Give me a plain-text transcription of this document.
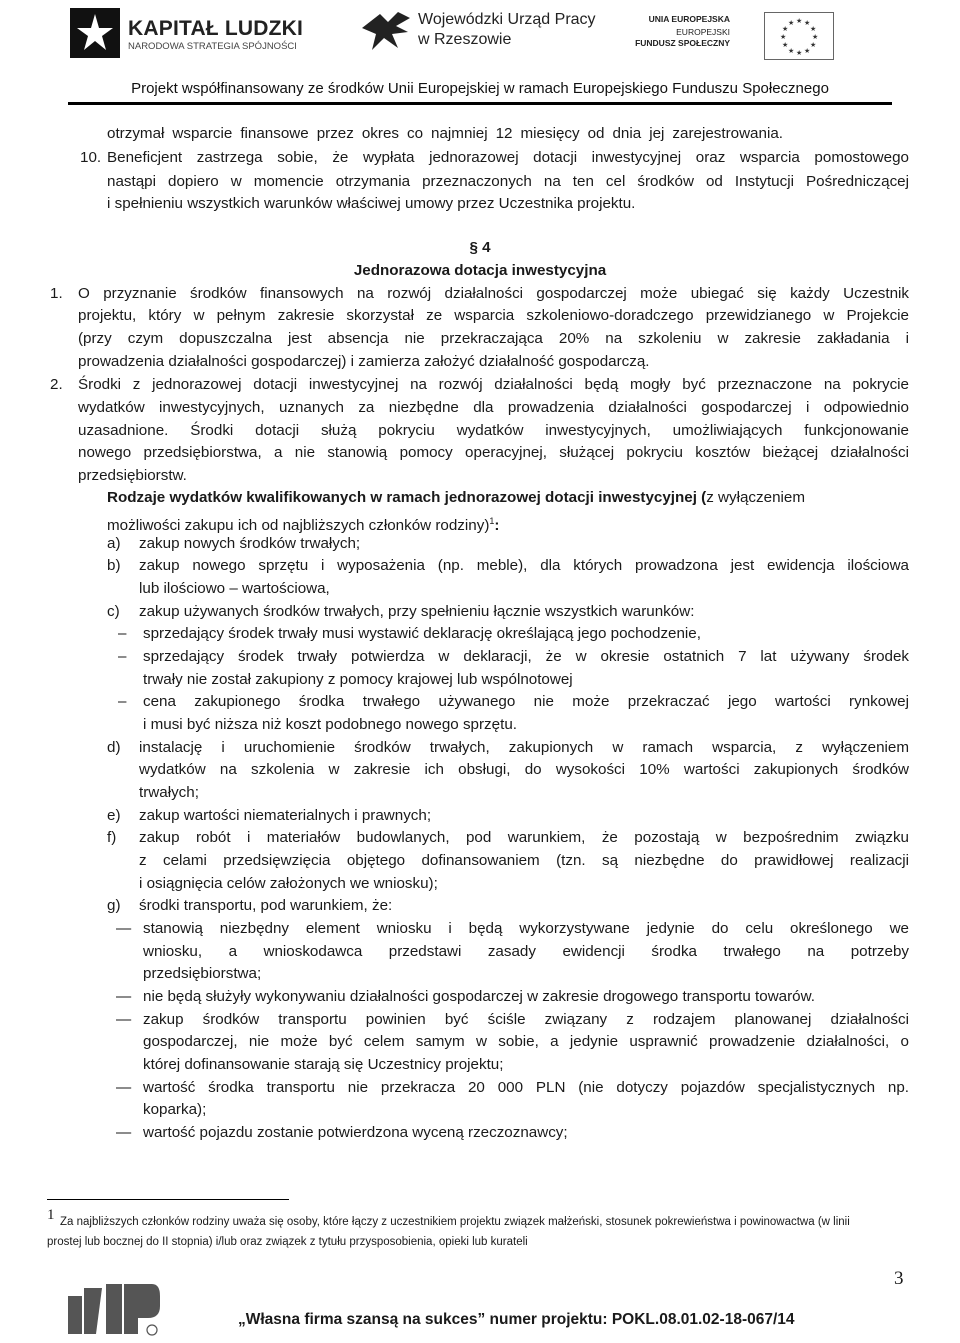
KAPITAŁ LUDZKI
NARODOWA STRATEGIA SPÓJNOŚCI
Wojewódzki Urząd Pracy
w Rzeszowie
UNIA EUROPEJSKA
EUROPEJSKI
FUNDUSZ SPOŁECZNY
★ ★
★
★
★
★
★
★
★
★
★
★
Projekt współfinansowany ze środków Unii Europejskiej w ramach Europejskiego Funduszu Społecznego
otrzymał wsparcie finansowe przez okres co najmniej 12 miesięcy od dnia jej zarejestrowania.
10. Beneficjent zastrzega sobie, że wypłata jednorazowej dotacji inwestycyjnej oraz wsparcia pomostowego
nastąpi dopiero w momencie otrzymania przeznaczonych na ten cel środków od Instytucji Pośredniczącej
i spełnieniu wszystkich warunków właściwej umowy przez Uczestnika projektu.
§ 4
Jednorazowa dotacja inwestycyjna
1. O przyznanie środków finansowych na rozwój działalności gospodarczej może ubiegać się każdy Uczestnik
projektu, który w pełnym zakresie skorzystał ze wsparcia szkoleniowo-doradczego przewidzianego w Projekcie
(przy czym dopuszczalna jest absencja nie przekraczająca 20% na szkoleniu w zakresie zakładania i
prowadzenia działalności gospodarczej) i zamierza założyć działalność gospodarczą.
2. Środki z jednorazowej dotacji inwestycyjnej na rozwój działalności będą mogły być przeznaczone na pokrycie
wydatków inwestycyjnych, uznanych za niezbędne dla prowadzenia działalności gospodarczej i odpowiednio
uzasadnione. Środki dotacji służą pokryciu wydatków inwestycyjnych, umożliwiających funkcjonowanie
nowego przedsiębiorstwa, a nie stanowią pomocy operacyjnej, służącej pokryciu kosztów bieżącej działalności
przedsiębiorstw.
Rodzaje wydatków kwalifikowanych w ramach jednorazowej dotacji inwestycyjnej (z wyłączeniem
możliwości zakupu ich od najbliższych członków rodziny)$^1$:
a) zakup nowych środków trwałych;
b) zakup nowego sprzętu i wyposażenia (np. meble), dla których prowadzona jest ewidencja ilościowa
lub ilościowo – wartościowa,
c) zakup używanych środków trwałych, przy spełnieniu łącznie wszystkich warunków:
– sprzedający środek trwały musi wystawić deklarację określającą jego pochodzenie,
– sprzedający środek trwały potwierdza w deklaracji, że w okresie ostatnich 7 lat używany środek
trwały nie został zakupiony z pomocy krajowej lub wspólnotowej
– cena zakupionego środka trwałego używanego nie może przekraczać jego wartości rynkowej
i musi być niższa niż koszt podobnego nowego sprzętu.
d) instalację i uruchomienie środków trwałych, zakupionych w ramach wsparcia, z wyłączeniem
wydatków na szkolenia w zakresie ich obsługi, do wysokości 10% wartości zakupionych środków
trwałych;
e) zakup wartości niematerialnych i prawnych;
f) zakup robót i materiałów budowlanych, pod warunkiem, że pozostają w bezpośrednim związku
z celami przedsięwzięcia objętego dofinansowaniem (tzn. są niezbędne do prawidłowej realizacji
i osiągnięcia celów założonych we wniosku);
g) środki transportu, pod warunkiem, że:
— stanowią niezbędny element wniosku i będą wykorzystywane jedynie do celu określonego we
wniosku, a wnioskodawca przedstawi zasady ewidencji środka trwałego na potrzeby
przedsiębiorstwa;
— nie będą służyły wykonywaniu działalności gospodarczej w zakresie drogowego transportu towarów.
— zakup środków transportu powinien być ściśle związany z rodzajem planowanej działalności
gospodarczej, nie może być celem samym w sobie, a jedynie usprawnić prowadzenie działalności, o
której dofinansowanie starają się Uczestnicy projektu;
— wartość środka transportu nie przekracza 20 000 PLN (nie dotyczy pojazdów specjalistycznych np.
koparka);
— wartość pojazdu zostanie potwierdzona wyceną rzeczoznawcy;
1 Za najbliższych członków rodziny uważa się osoby, które łączy z uczestnikiem projektu związek małżeński, stosunek pokrewieństwa i powinowactwa (w linii
prostej lub bocznej do II stopnia) i/lub oraz związek z tytułu przysposobienia, opieki lub kurateli
3
„Własna firma szansą na sukces” numer projektu: POKL.08.01.02-18-067/14
